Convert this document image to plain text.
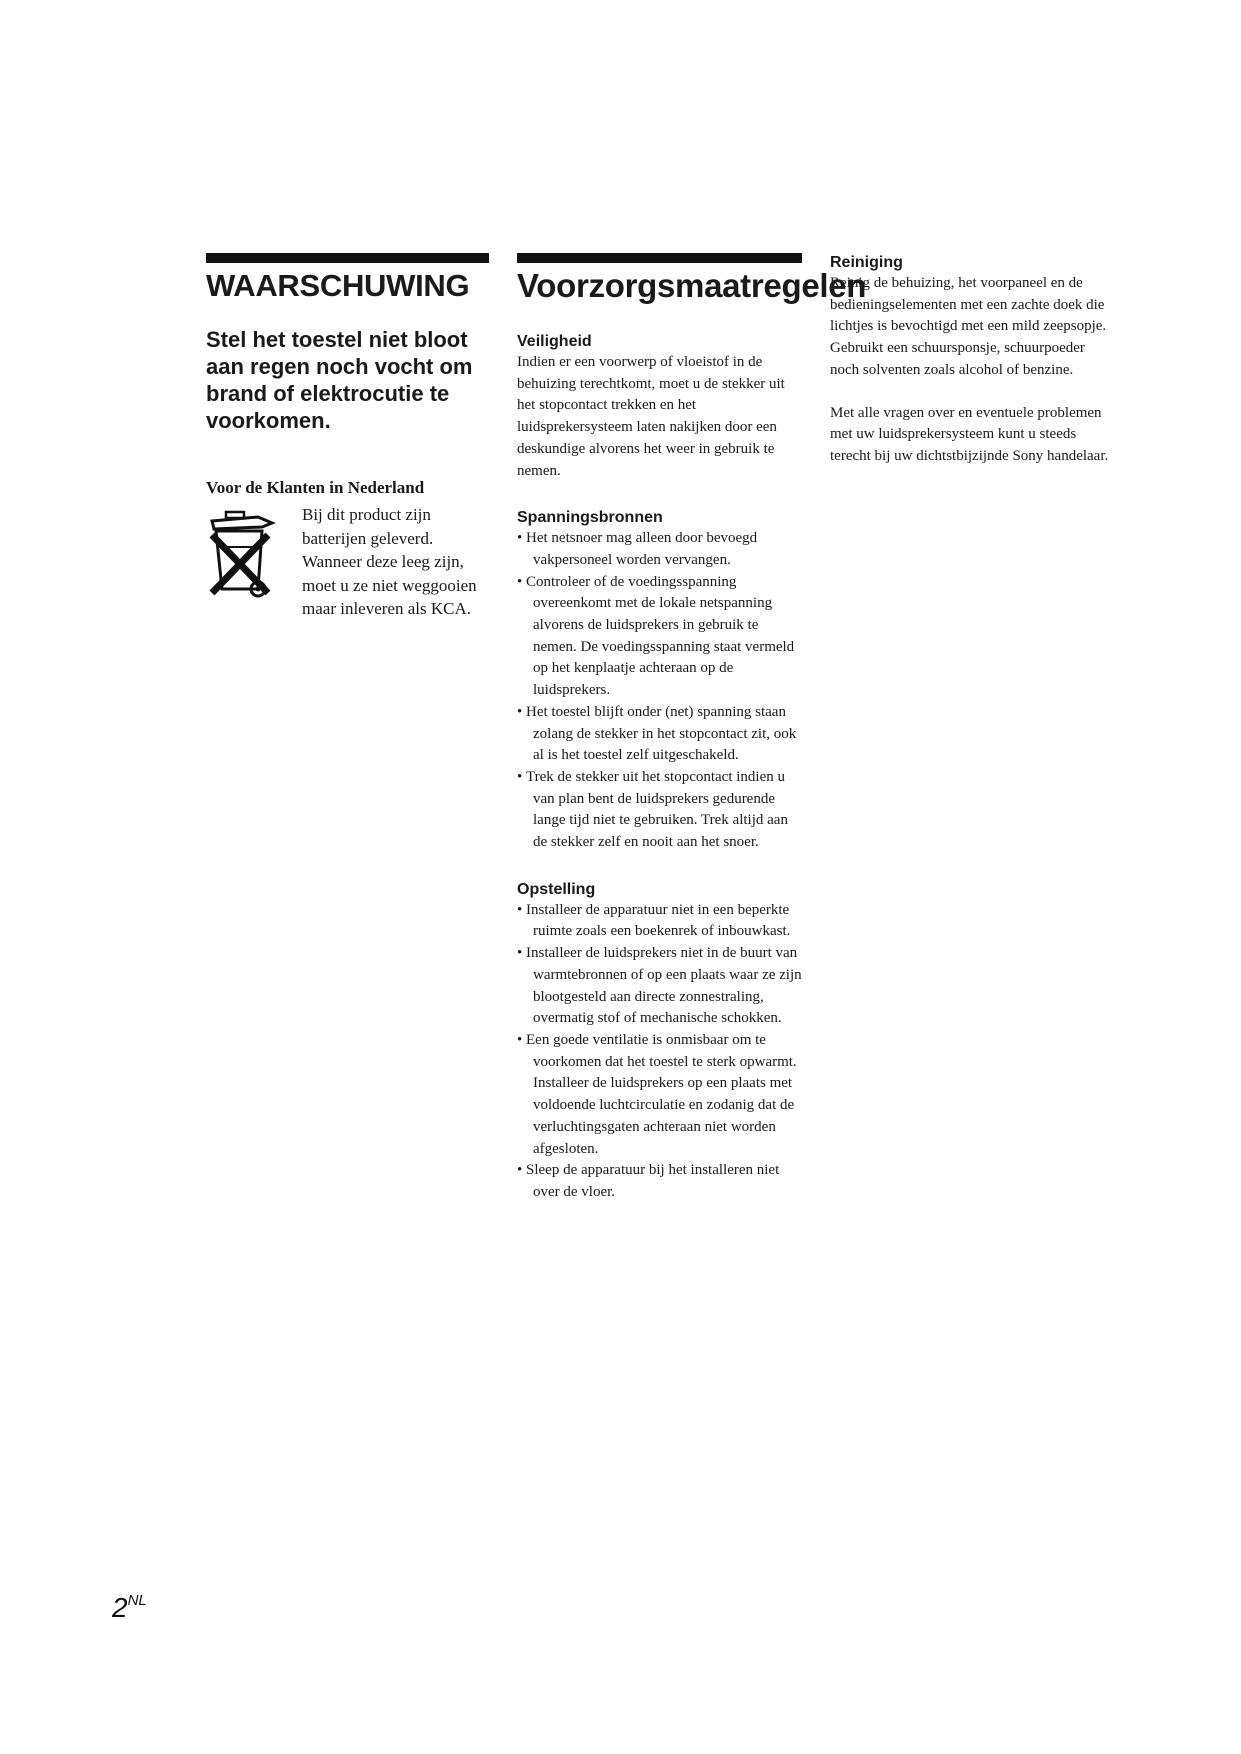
WAARSCHUWING

Stel het toestel niet bloot aan regen noch vocht om brand of elektrocutie te voorkomen.

Voor de Klanten in Nederland

Bij dit product zijn batterijen geleverd. Wanneer deze leeg zijn, moet u ze niet weggooien maar inleveren als KCA.

Voorzorgsmaatregelen
Veiligheid

Indien er een voorwerp of vloeistof in de behuizing terechtkomt, moet u de stekker uit het stopcontact trekken en het luidsprekersysteem laten nakijken door een deskundige alvorens het weer in gebruik te nemen.

Spanningsbronnen
• Het netsnoer mag alleen door bevoegd vakpersoneel worden vervangen.
• Controleer of de voedingsspanning overeenkomt met de lokale netspanning alvorens de luidsprekers in gebruik te nemen. De voedingsspanning staat vermeld op het kenplaatje achteraan op de luidsprekers.
• Het toestel blijft onder (net) spanning staan zolang de stekker in het stopcontact zit, ook al is het toestel zelf uitgeschakeld.
• Trek de stekker uit het stopcontact indien u van plan bent de luidsprekers gedurende lange tijd niet te gebruiken. Trek altijd aan de stekker zelf en nooit aan het snoer.
Opstelling
• Installeer de apparatuur niet in een beperkte ruimte zoals een boekenrek of inbouwkast.
• Installeer de luidsprekers niet in de buurt van warmtebronnen of op een plaats waar ze zijn blootgesteld aan directe zonnestraling, overmatig stof of mechanische schokken.
• Een goede ventilatie is onmisbaar om te voorkomen dat het toestel te sterk opwarmt. Installeer de luidsprekers op een plaats met voldoende luchtcirculatie en zodanig dat de verluchtingsgaten achteraan niet worden afgesloten.
• Sleep de apparatuur bij het installeren niet over de vloer.
Reiniging

Reinig de behuizing, het voorpaneel en de bedieningselementen met een zachte doek die lichtjes is bevochtigd met een mild zeepsopje. Gebruikt een schuursponsje, schuurpoeder noch solventen zoals alcohol of benzine.

Met alle vragen over en eventuele problemen met uw luidsprekersysteem kunt u steeds terecht bij uw dichtstbijzijnde Sony handelaar.

$2^{NL}$
